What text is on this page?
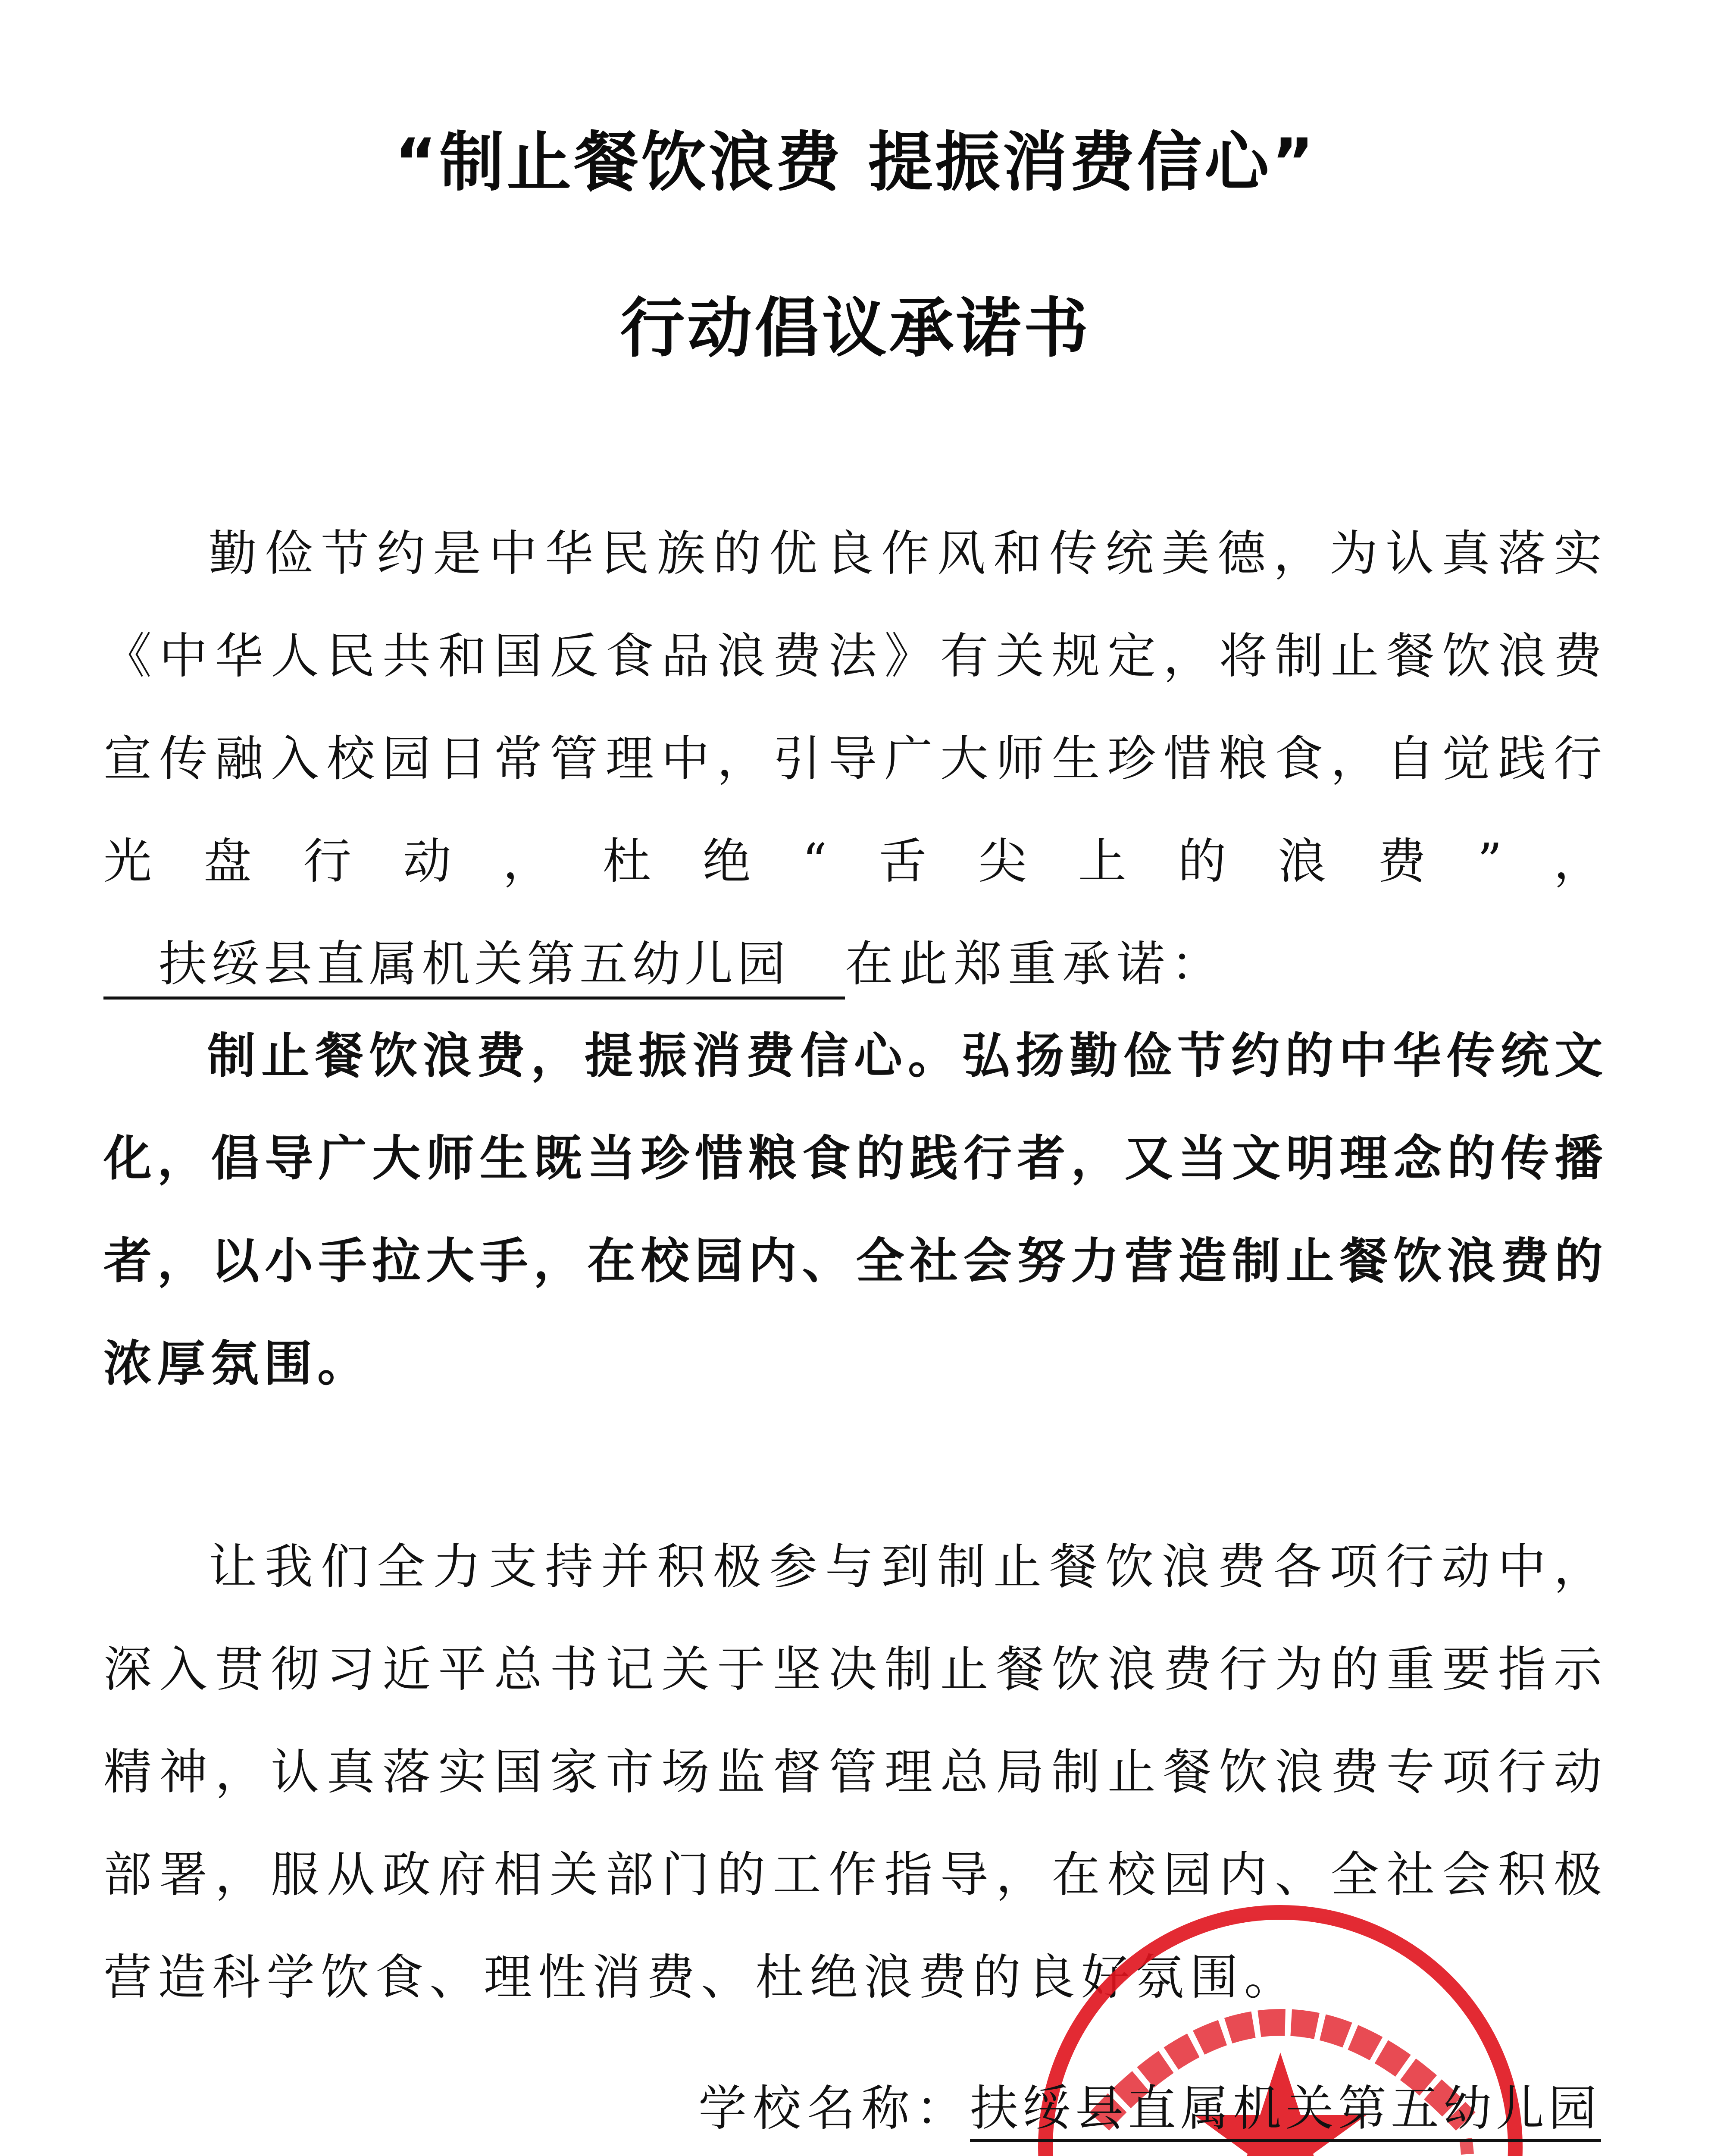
“制止餐饮浪费 提振消费信心”
行动倡议承诺书
勤俭节约是中华民族的优良作风和传统美德，为认真落实《中华人民共和国反食品浪费法》有关规定，将制止餐饮浪费宣传融入校园日常管理中，引导广大师生珍惜粮食，自觉践行光盘行动，杜绝“舌尖上的浪费”，扶绥县直属机关第五幼儿园 在此郑重承诺：
制止餐饮浪费，提振消费信心。弘扬勤俭节约的中华传统文化，倡导广大师生既当珍惜粮食的践行者，又当文明理念的传播者，以小手拉大手，在校园内、全社会努力营造制止餐饮浪费的浓厚氛围。
让我们全力支持并积极参与到制止餐饮浪费各项行动中，深入贯彻习近平总书记关于坚决制止餐饮浪费行为的重要指示精神，认真落实国家市场监督管理总局制止餐饮浪费专项行动部署，服从政府相关部门的工作指导，在校园内、全社会积极营造科学饮食、理性消费、杜绝浪费的良好氛围。
学校名称：扶绥县直属机关第五幼儿园
